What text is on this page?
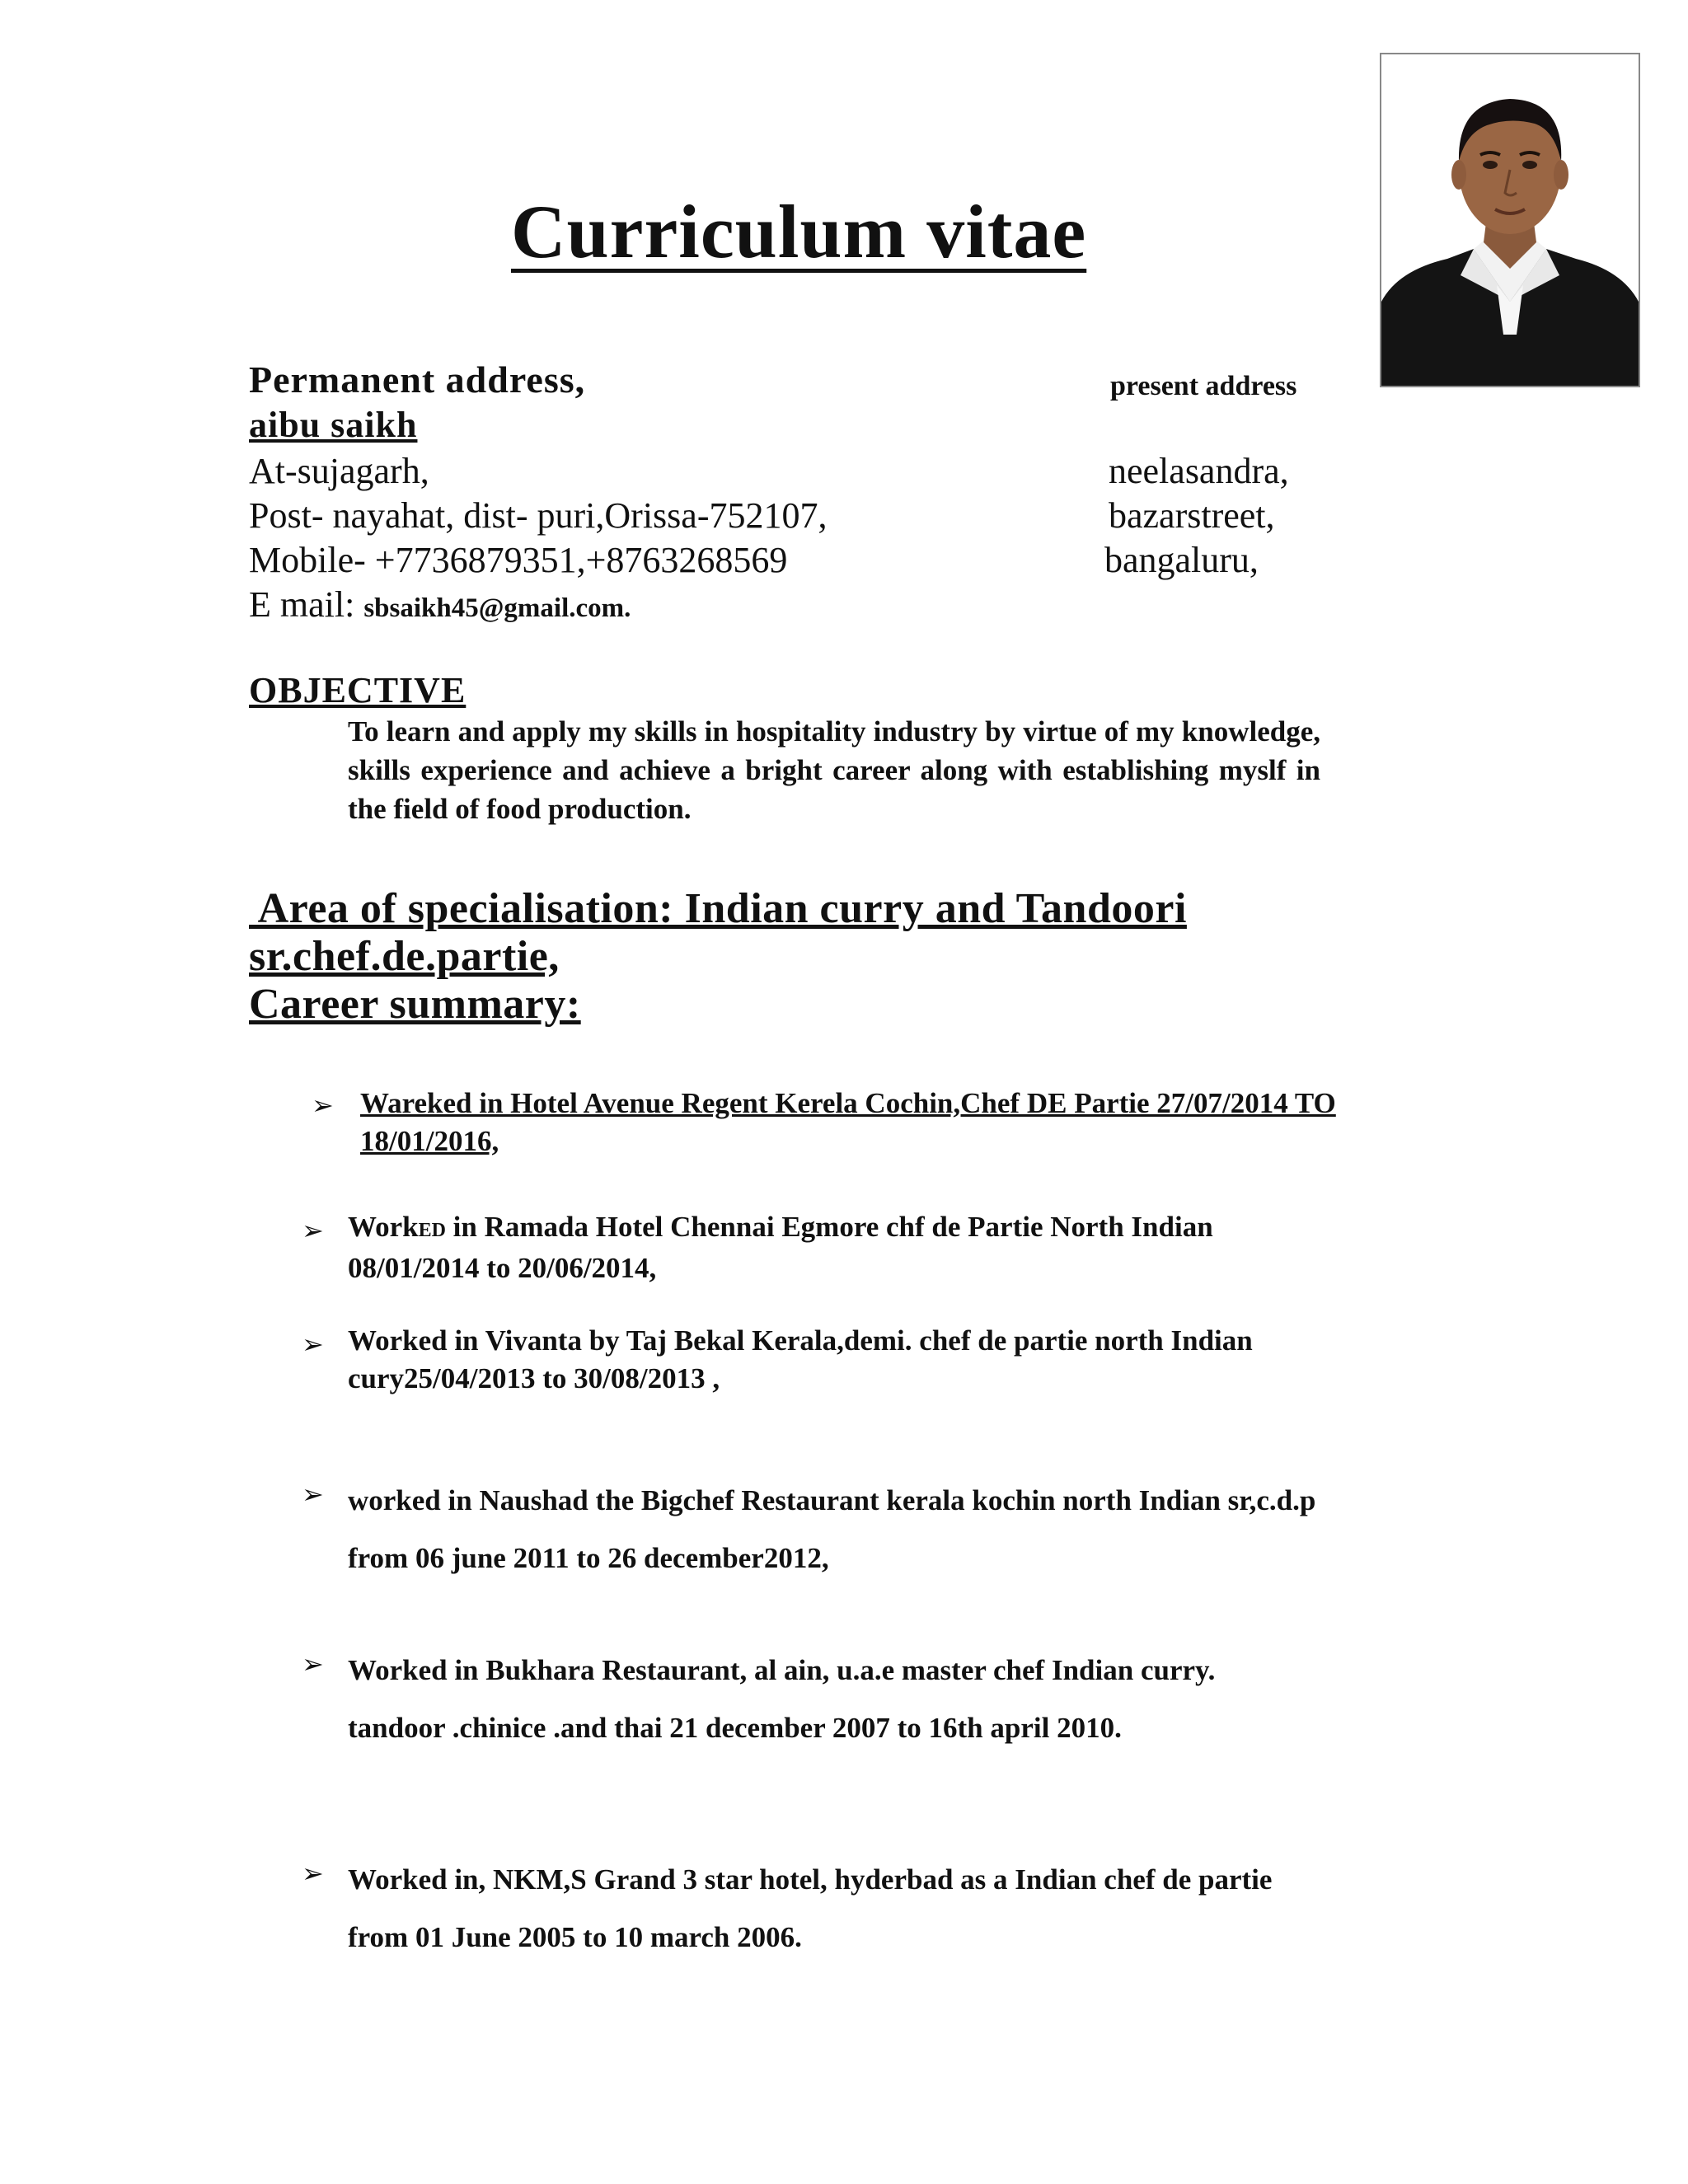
Curriculum vitae
Permanent address,	present address
aibu saikh
At-sujagarh,
Post- nayahat, dist- puri,Orissa-752107,
Mobile- +7736879351,+8763268569
neelasandra,
bazarstreet,
bangaluru,
E mail: sbsaikh45@gmail.com.
OBJECTIVE
To learn and apply my skills in hospitality industry by virtue of my knowledge, skills experience and achieve a bright career along with establishing myslf in the field of food production.
Area of specialisation: Indian curry and Tandoori
sr.chef.de.partie,
Career summary:
➢ Wareked in Hotel Avenue Regent Kerela Cochin,Chef DE Partie 27/07/2014 TO
18/01/2016,
➢ WorkED in Ramada Hotel Chennai Egmore chf de Partie North Indian
08/01/2014 to 20/06/2014,
➢ Worked in Vivanta by Taj Bekal Kerala,demi. chef de partie north Indian
cury25/04/2013 to 30/08/2013 ,
➢ worked in Naushad the Bigchef Restaurant kerala kochin north Indian sr,c.d.p
from 06 june 2011 to 26 december2012,
➢ Worked in Bukhara Restaurant, al ain, u.a.e master chef Indian curry.
tandoor .chinice .and thai 21 december 2007 to 16th april 2010.
➢ Worked in, NKM,S Grand 3 star hotel, hyderbad as a Indian chef de partie
from 01 June 2005 to 10 march 2006.
